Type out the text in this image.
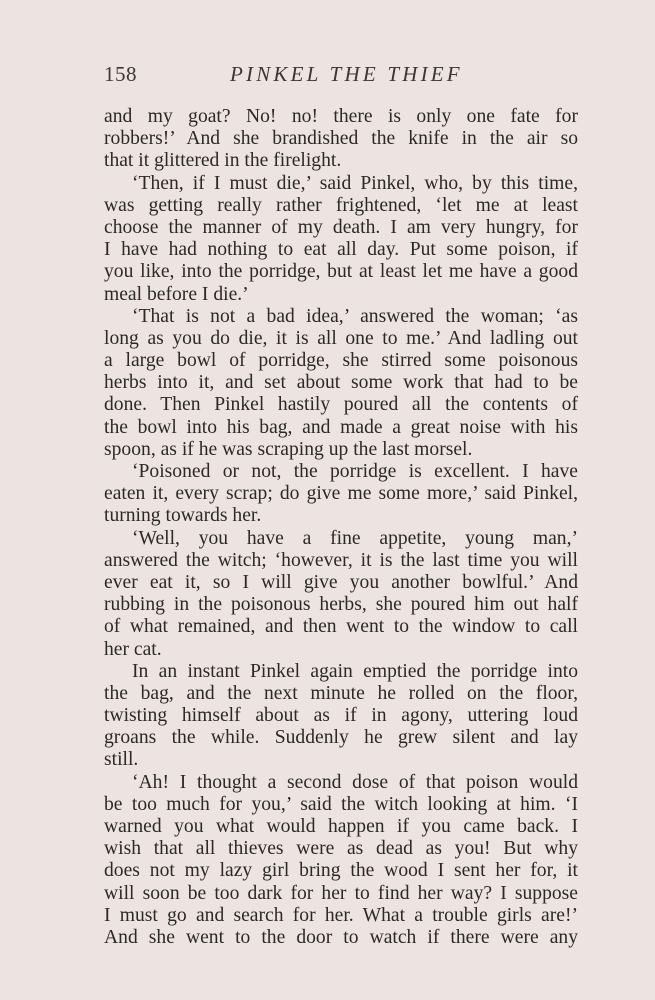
158	PINKEL THE THIEF
and my goat? No! no! there is only one fate for
robbers!’ And she brandished the knife in the air so
that it glittered in the firelight.
‘Then, if I must die,’ said Pinkel, who, by this time,
was getting really rather frightened, ‘let me at least
choose the manner of my death. I am very hungry, for
I have had nothing to eat all day. Put some poison, if
you like, into the porridge, but at least let me have a good
meal before I die.’
‘That is not a bad idea,’ answered the woman; ‘as
long as you do die, it is all one to me.’ And ladling out
a large bowl of porridge, she stirred some poisonous
herbs into it, and set about some work that had to be
done. Then Pinkel hastily poured all the contents of
the bowl into his bag, and made a great noise with his
spoon, as if he was scraping up the last morsel.
‘Poisoned or not, the porridge is excellent. I have
eaten it, every scrap; do give me some more,’ said Pinkel,
turning towards her.
‘Well, you have a fine appetite, young man,’
answered the witch; ‘however, it is the last time you will
ever eat it, so I will give you another bowlful.’ And
rubbing in the poisonous herbs, she poured him out half
of what remained, and then went to the window to call
her cat.
In an instant Pinkel again emptied the porridge into
the bag, and the next minute he rolled on the floor,
twisting himself about as if in agony, uttering loud
groans the while. Suddenly he grew silent and lay
still.
‘Ah! I thought a second dose of that poison would
be too much for you,’ said the witch looking at him. ‘I
warned you what would happen if you came back. I
wish that all thieves were as dead as you! But why
does not my lazy girl bring the wood I sent her for, it
will soon be too dark for her to find her way? I suppose
I must go and search for her. What a trouble girls are!’
And she went to the door to watch if there were any
